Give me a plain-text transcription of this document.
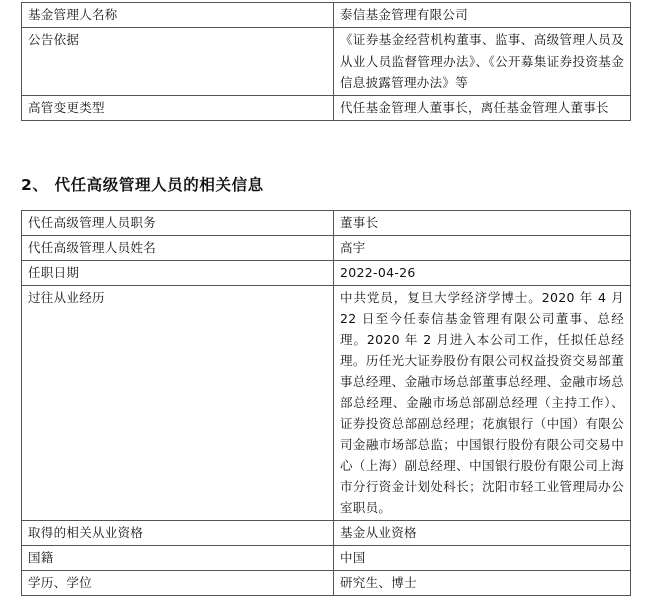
基金管理人名称	泰信基金管理有限公司
公告依据	《证券基金经营机构董事、监事、高级管理人员及从业人员监督管理办法》、《公开募集证券投资基金信息披露管理办法》等
高管变更类型	代任基金管理人董事长，离任基金管理人董事长
2、 代任高级管理人员的相关信息
代任高级管理人员职务	董事长
代任高级管理人员姓名	高宇
任职日期	2022-04-26
过往从业经历	中共党员，复旦大学经济学博士。2020 年 4 月 22 日至今任泰信基金管理有限公司董事、总经理。2020 年 2 月进入本公司工作，任拟任总经理。历任光大证券股份有限公司权益投资交易部董事总经理、金融市场总部董事总经理、金融市场总部总经理、金融市场总部副总经理（主持工作）、证券投资总部副总经理；花旗银行（中国）有限公司金融市场部总监；中国银行股份有限公司交易中心（上海）副总经理、中国银行股份有限公司上海市分行资金计划处科长；沈阳市轻工业管理局办公室职员。
取得的相关从业资格	基金从业资格
国籍	中国
学历、学位	研究生、博士
